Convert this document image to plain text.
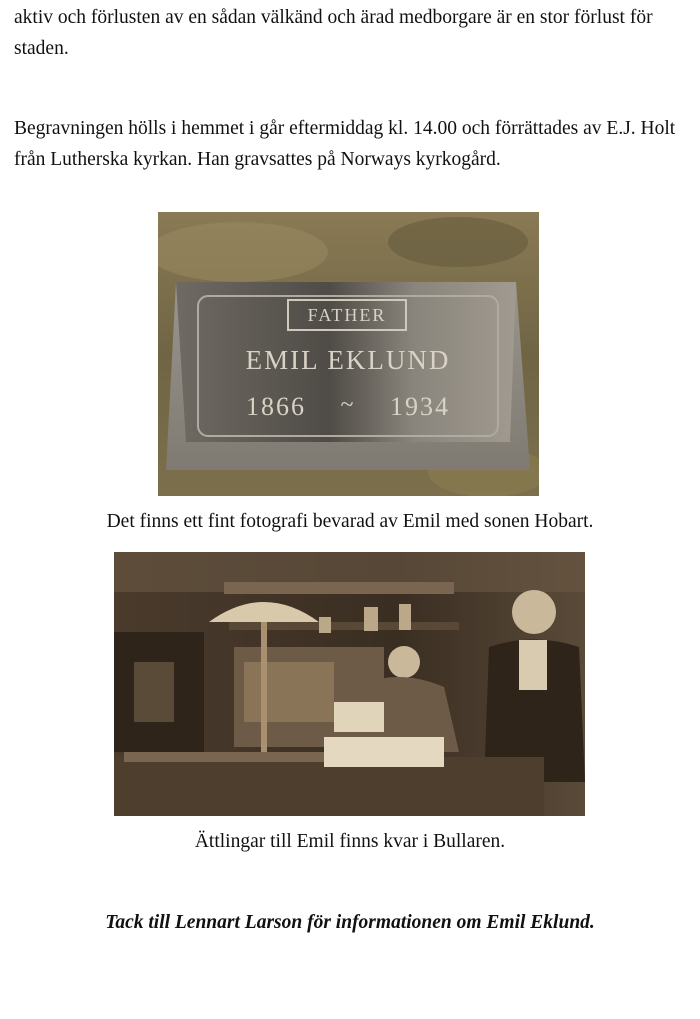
aktiv och förlusten av en sådan välkänd och ärad medborgare är en stor förlust för staden.

Begravningen hölls i hemmet i går eftermiddag kl. 14.00 och förrättades av E.J. Holt från Lutherska kyrkan. Han gravsattes på Norways kyrkogård.

FATHER
EMIL EKLUND
1866 ~ 1934

Det finns ett fint fotografi bevarad av Emil med sonen Hobart.

Ättlingar till Emil finns kvar i Bullaren.

Tack till Lennart Larson för informationen om Emil Eklund.
